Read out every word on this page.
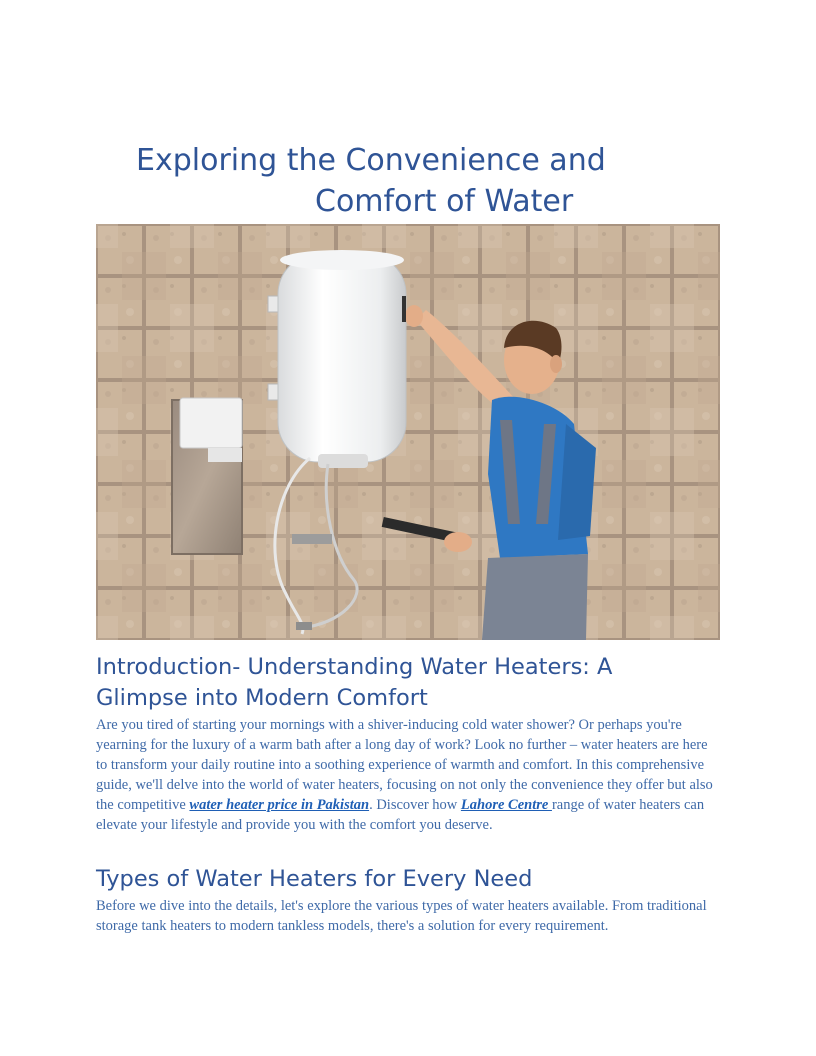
Exploring the Convenience and
Comfort of Water
Introduction- Understanding Water Heaters: A
Glimpse into Modern Comfort

Are you tired of starting your mornings with a shiver-inducing cold water shower? Or perhaps you're yearning for the luxury of a warm bath after a long day of work? Look no further – water heaters are here to transform your daily routine into a soothing experience of warmth and comfort. In this comprehensive guide, we'll delve into the world of water heaters, focusing on not only the convenience they offer but also the competitive water heater price in Pakistan. Discover how Lahore Centre range of water heaters can elevate your lifestyle and provide you with the comfort you deserve.

Types of Water Heaters for Every Need

Before we dive into the details, let's explore the various types of water heaters available. From traditional storage tank heaters to modern tankless models, there's a solution for every requirement.
